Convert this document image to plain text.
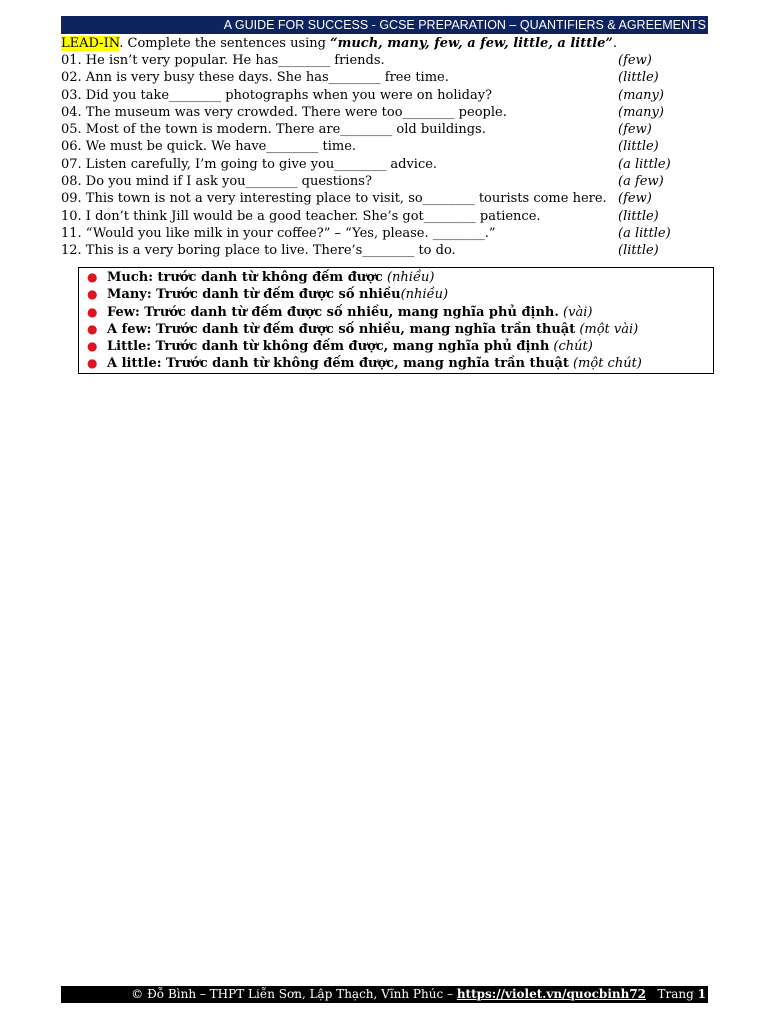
A GUIDE FOR SUCCESS - GCSE PREPARATION – QUANTIFIERS & AGREEMENTS
LEAD-IN. Complete the sentences using “much, many, few, a few, little, a little”.
01. He isn’t very popular. He has________ friends.	(few)
02. Ann is very busy these days. She has________ free time.	(little)
03. Did you take________ photographs when you were on holiday?	(many)
04. The museum was very crowded. There were too________ people.	(many)
05. Most of the town is modern. There are________ old buildings.	(few)
06. We must be quick. We have________ time.	(little)
07. Listen carefully, I’m going to give you________ advice.	(a little)
08. Do you mind if I ask you________ questions?	(a few)
09. This town is not a very interesting place to visit, so________ tourists come here. (few)
10. I don’t think Jill would be a good teacher. She’s got________ patience.	(little)
11. “Would you like milk in your coffee?” – “Yes, please. ________.”	(a little)
12. This is a very boring place to live. There’s________ to do.	(little)
● Much: trước danh từ không đếm được (nhiều)
● Many: Trước danh từ đếm được số nhiều(nhiều)
● Few: Trước danh từ đếm được số nhiều, mang nghĩa phủ định. (vài)
● A few: Trước danh từ đếm được số nhiều, mang nghĩa trần thuật (một vài)
● Little: Trước danh từ không đếm được, mang nghĩa phủ định (chút)
● A little: Trước danh từ không đếm được, mang nghĩa trần thuật (một chút)
© Đỗ Bình – THPT Liễn Sơn, Lập Thạch, Vĩnh Phúc – https://violet.vn/quocbinh72 Trang 1
